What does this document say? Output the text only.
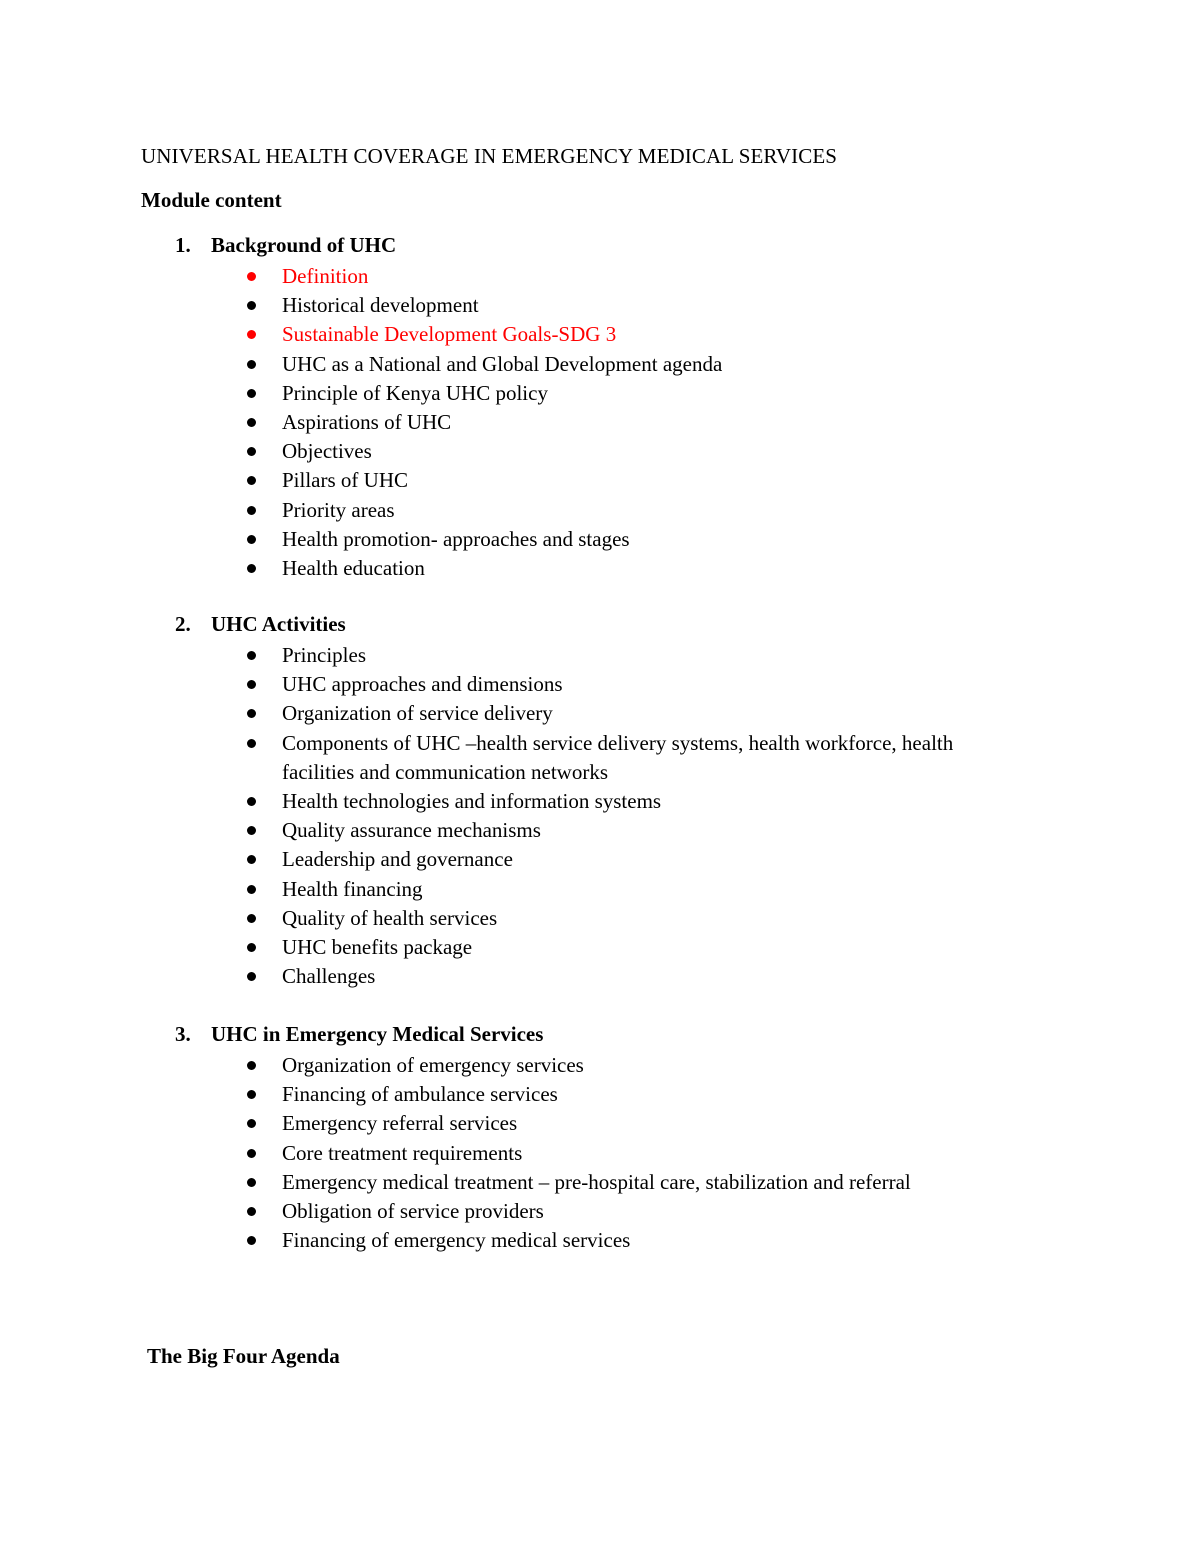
UNIVERSAL HEALTH COVERAGE IN EMERGENCY MEDICAL SERVICES
Module content
1. Background of UHC
Definition
Historical development
Sustainable Development Goals-SDG 3
UHC as a National and Global Development agenda
Principle of Kenya UHC policy
Aspirations of UHC
Objectives
Pillars of UHC
Priority areas
Health promotion- approaches and stages
Health education
2. UHC Activities
Principles
UHC approaches and dimensions
Organization of service delivery
Components of UHC –health service delivery systems, health workforce, health
facilities and communication networks
Health technologies and information systems
Quality assurance mechanisms
Leadership and governance
Health financing
Quality of health services
UHC benefits package
Challenges
3. UHC in Emergency Medical Services
Organization of emergency services
Financing of ambulance services
Emergency referral services
Core treatment requirements
Emergency medical treatment – pre-hospital care, stabilization and referral
Obligation of service providers
Financing of emergency medical services
The Big Four Agenda
